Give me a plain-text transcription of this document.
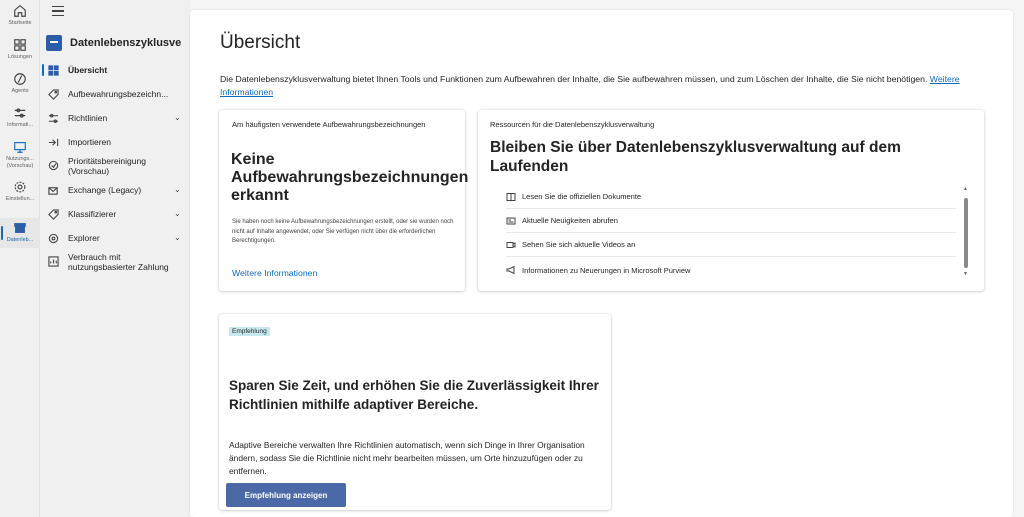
Startseite
Lösungen
Agents
Informati...
Nutzungs... (Vorschau)
Einstellun...
Datenleb...
Datenlebenszyklusve
Übersicht
Aufbewahrungsbezeichn...
Richtlinien	⌄
Importieren
Prioritätsbereinigung (Vorschau)
Exchange (Legacy)	⌄
Klassifizierer	⌄
Explorer	⌄
Verbrauch mit nutzungsbasierter Zahlung
Übersicht

Die Datenlebenszyklusverwaltung bietet Ihnen Tools und Funktionen zum Aufbewahren der Inhalte, die Sie aufbewahren müssen, und zum Löschen der Inhalte, die Sie nicht benötigen. Weitere Informationen

Am häufigsten verwendete Aufbewahrungsbezeichnungen
Keine Aufbewahrungsbezeichnungen erkannt
Sie haben noch keine Aufbewahrungsbezeichnungen erstellt, oder sie wurden noch nicht auf Inhalte angewendet, oder Sie verfügen nicht über die erforderlichen Berechtigungen.
Weitere Informationen
Ressourcen für die Datenlebenszyklusverwaltung
Bleiben Sie über Datenlebenszyklusverwaltung auf dem Laufenden
Lesen Sie die offiziellen Dokumente
Aktuelle Neuigkeiten abrufen
Sehen Sie sich aktuelle Videos an
Informationen zu Neuerungen in Microsoft Purview
▲
▼
Empfehlung
Sparen Sie Zeit, und erhöhen Sie die Zuverlässigkeit Ihrer Richtlinien mithilfe adaptiver Bereiche.
Adaptive Bereiche verwalten Ihre Richtlinien automatisch, wenn sich Dinge in Ihrer Organisation ändern, sodass Sie die Richtlinie nicht mehr bearbeiten müssen, um Orte hinzuzufügen oder zu entfernen.
Empfehlung anzeigen
